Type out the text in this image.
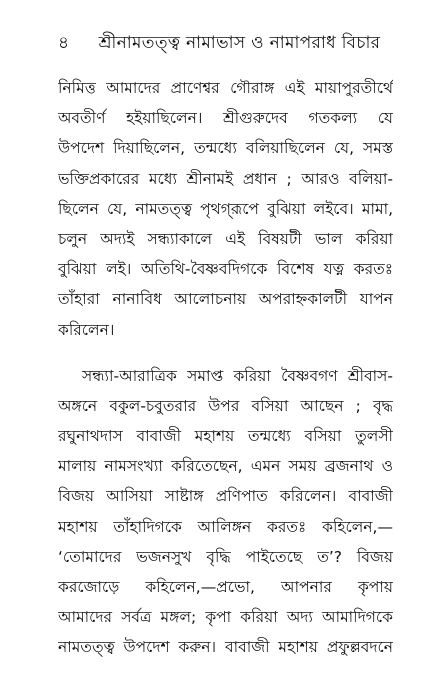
৪	শ্রীনামতত্ত্ব নামাভাস ও নামাপরাধ বিচার

নিমিত্ত আমাদের প্রাণেশ্বর গৌরাঙ্গ এই মায়াপুরতীর্থে
অবতীর্ণ হইয়াছিলেন। শ্রীগুরুদেব গতকল্য যে
উপদেশ দিয়াছিলেন, তন্মধ্যে বলিয়াছিলেন যে, সমস্ত
ভক্তিপ্রকারের মধ্যে শ্রীনামই প্রধান ; আরও বলিয়া-
ছিলেন যে, নামতত্ত্ব পৃথগ্‌রূপে বুঝিয়া লইবে। মামা,
চলুন অদ্যই সন্ধ্যাকালে এই বিষয়টী ভাল করিয়া
বুঝিয়া লই। অতিথি-বৈষ্ণবদিগকে বিশেষ যত্ন করতঃ
তাঁহারা নানাবিধ আলোচনায় অপরাহ্নকালটী যাপন
করিলেন।

সন্ধ্যা-আরাত্রিক সমাপ্ত করিয়া বৈষ্ণবগণ শ্রীবাস-
অঙ্গনে বকুল-চবুতরার উপর বসিয়া আছেন ; বৃদ্ধ
রঘুনাথদাস বাবাজী মহাশয় তন্মধ্যে বসিয়া তুলসী
মালায় নামসংখ্যা করিতেছেন, এমন সময় ব্রজনাথ ও
বিজয় আসিয়া সাষ্টাঙ্গ প্রণিপাত করিলেন। বাবাজী
মহাশয় তাঁহাদিগকে আলিঙ্গন করতঃ কহিলেন,—
‘তোমাদের ভজনসুখ বৃদ্ধি পাইতেছে ত’? বিজয়
করজোড়ে কহিলেন,—প্রভো, আপনার কৃপায়
আমাদের সর্বত্র মঙ্গল; কৃপা করিয়া অদ্য আমাদিগকে
নামতত্ত্ব উপদেশ করুন। বাবাজী মহাশয় প্রফুল্লবদনে
